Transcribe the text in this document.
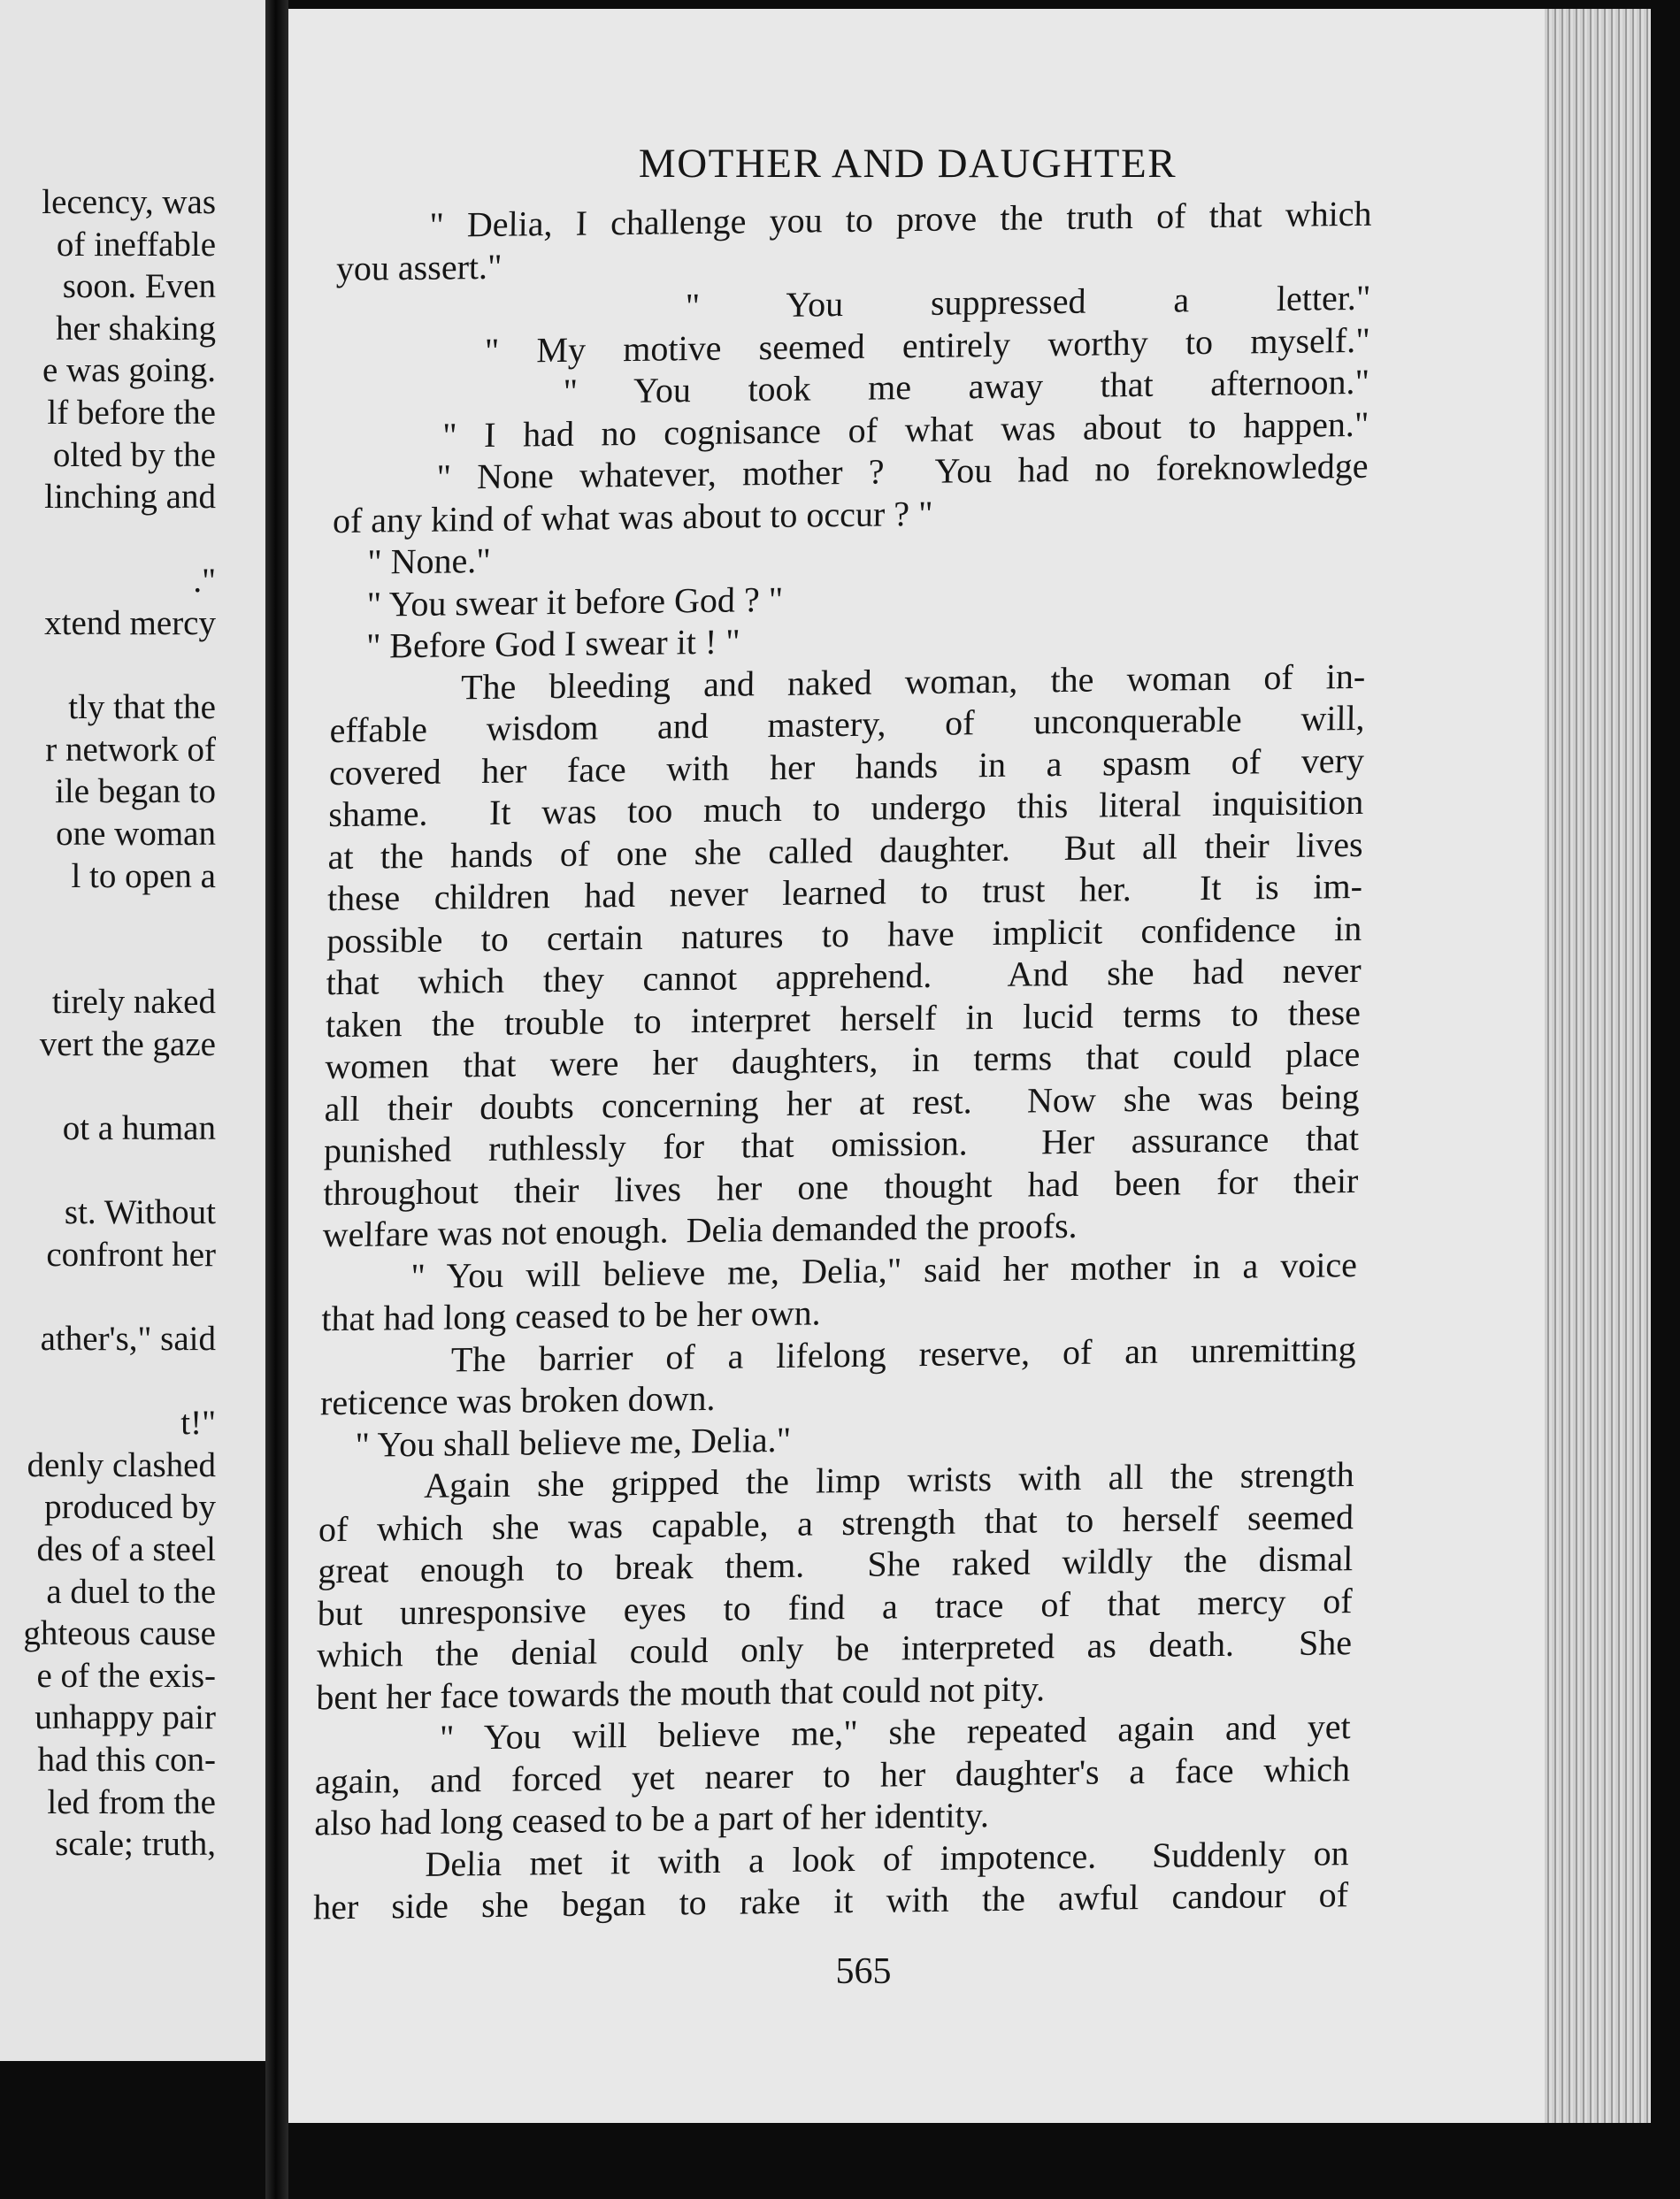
lecency, was
of ineffable
soon. Even
her shaking
e was going.
lf before the
olted by the
linching and
."
xtend mercy
tly that the
r network of
ile began to
one woman
l to open a
tirely naked
vert the gaze
ot a human
st. Without
confront her
ather's," said
t!"
denly clashed
produced by
des of a steel
a duel to the
ghteous cause
e of the exis-
unhappy pair
had this con-
led from the
scale; truth,
MOTHER AND DAUGHTER
" Delia, I challenge you to prove the truth of that which
you assert."
" You suppressed a letter."
" My motive seemed entirely worthy to myself."
" You took me away that afternoon."
" I had no cognisance of what was about to happen."
" None whatever, mother ?  You had no foreknowledge
of any kind of what was about to occur ? "
" None."
" You swear it before God ? "
" Before God I swear it ! "
The bleeding and naked woman, the woman of in-
effable wisdom and mastery, of unconquerable will,
covered her face with her hands in a spasm of very
shame.  It was too much to undergo this literal inquisition
at the hands of one she called daughter.  But all their lives
these children had never learned to trust her.  It is im-
possible to certain natures to have implicit confidence in
that which they cannot apprehend.  And she had never
taken the trouble to interpret herself in lucid terms to these
women that were her daughters, in terms that could place
all their doubts concerning her at rest.  Now she was being
punished ruthlessly for that omission.  Her assurance that
throughout their lives her one thought had been for their
welfare was not enough.  Delia demanded the proofs.
" You will believe me, Delia," said her mother in a voice
that had long ceased to be her own.
The barrier of a lifelong reserve, of an unremitting
reticence was broken down.
" You shall believe me, Delia."
Again she gripped the limp wrists with all the strength
of which she was capable, a strength that to herself seemed
great enough to break them.  She raked wildly the dismal
but unresponsive eyes to find a trace of that mercy of
which the denial could only be interpreted as death.  She
bent her face towards the mouth that could not pity.
" You will believe me," she repeated again and yet
again, and forced yet nearer to her daughter's a face which
also had long ceased to be a part of her identity.
Delia met it with a look of impotence.  Suddenly on
her side she began to rake it with the awful candour of
565
